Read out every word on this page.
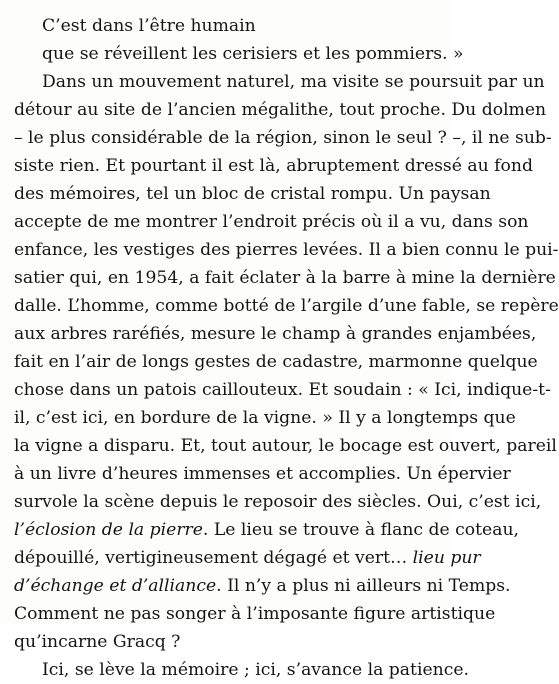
C’est dans l’être humain
que se réveillent les cerisiers et les pommiers. »
Dans un mouvement naturel, ma visite se poursuit par un
détour au site de l’ancien mégalithe, tout proche. Du dolmen
– le plus considérable de la région, sinon le seul ? –, il ne sub-
siste rien. Et pourtant il est là, abruptement dressé au fond
des mémoires, tel un bloc de cristal rompu. Un paysan
accepte de me montrer l’endroit précis où il a vu, dans son
enfance, les vestiges des pierres levées. Il a bien connu le pui-
satier qui, en 1954, a fait éclater à la barre à mine la dernière
dalle. L’homme, comme botté de l’argile d’une fable, se repère
aux arbres raréfiés, mesure le champ à grandes enjambées,
fait en l’air de longs gestes de cadastre, marmonne quelque
chose dans un patois caillouteux. Et soudain : « Ici, indique-t-
il, c’est ici, en bordure de la vigne. » Il y a longtemps que
la vigne a disparu. Et, tout autour, le bocage est ouvert, pareil
à un livre d’heures immenses et accomplies. Un épervier
survole la scène depuis le reposoir des siècles. Oui, c’est ici,
l’éclosion de la pierre. Le lieu se trouve à flanc de coteau,
dépouillé, vertigineusement dégagé et vert… lieu pur
d’échange et d’alliance. Il n’y a plus ni ailleurs ni Temps.
Comment ne pas songer à l’imposante figure artistique
qu’incarne Gracq ?
Ici, se lève la mémoire ; ici, s’avance la patience.
